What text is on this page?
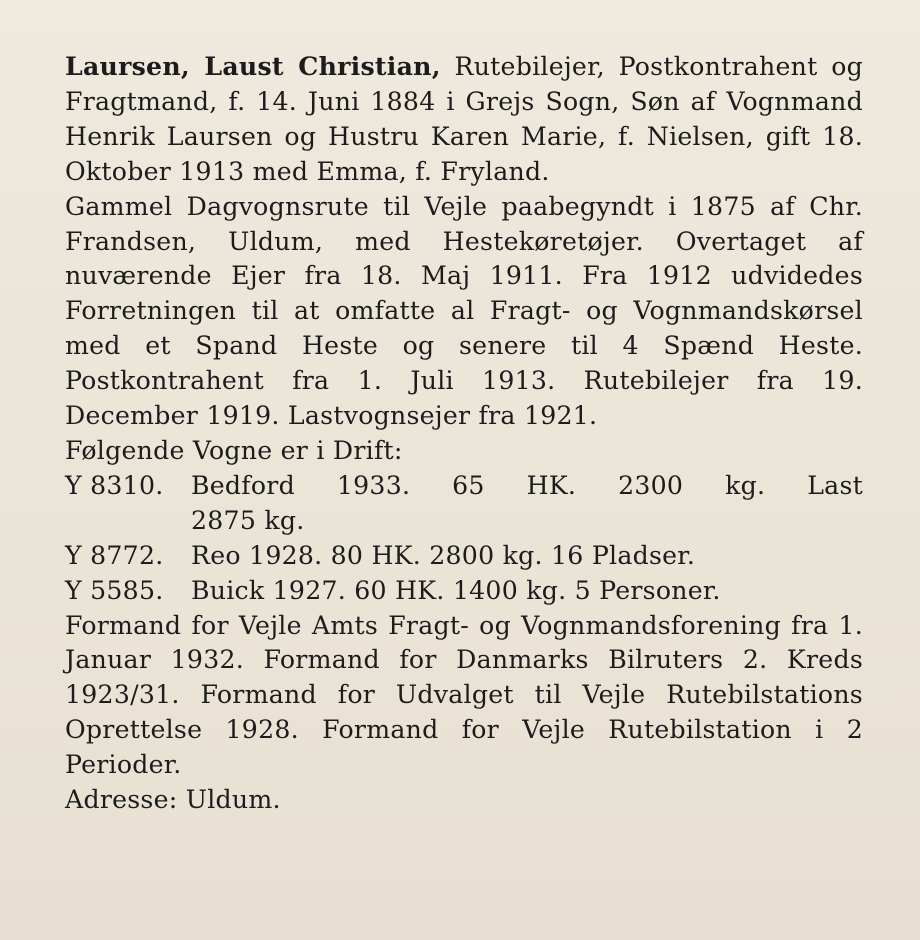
Laursen, Laust Christian, Rutebilejer, Postkontrahent og Fragtmand, f. 14. Juni 1884 i Grejs Sogn, Søn af Vognmand Henrik Laursen og Hustru Karen Marie, f. Nielsen, gift 18. Oktober 1913 med Emma, f. Fryland.

Gammel Dagvognsrute til Vejle paabegyndt i 1875 af Chr. Frandsen, Uldum, med Hestekøretøjer. Overtaget af nuværende Ejer fra 18. Maj 1911. Fra 1912 udvidedes Forretningen til at omfatte al Fragt- og Vognmandskørsel med et Spand Heste og senere til 4 Spænd Heste. Postkontrahent fra 1. Juli 1913. Rutebilejer fra 19. December 1919. Lastvognsejer fra 1921.

Følgende Vogne er i Drift:

Y 8310.	Bedford 1933. 65 HK. 2300 kg. Last
2875 kg.
Y 8772.	Reo 1928. 80 HK. 2800 kg. 16 Pladser.
Y 5585.	Buick 1927. 60 HK. 1400 kg. 5 Personer.

Formand for Vejle Amts Fragt- og Vognmandsforening fra 1. Januar 1932. Formand for Danmarks Bilruters 2. Kreds 1923/31. Formand for Udvalget til Vejle Rutebilstations Oprettelse 1928. Formand for Vejle Rutebilstation i 2 Perioder.

Adresse: Uldum.
